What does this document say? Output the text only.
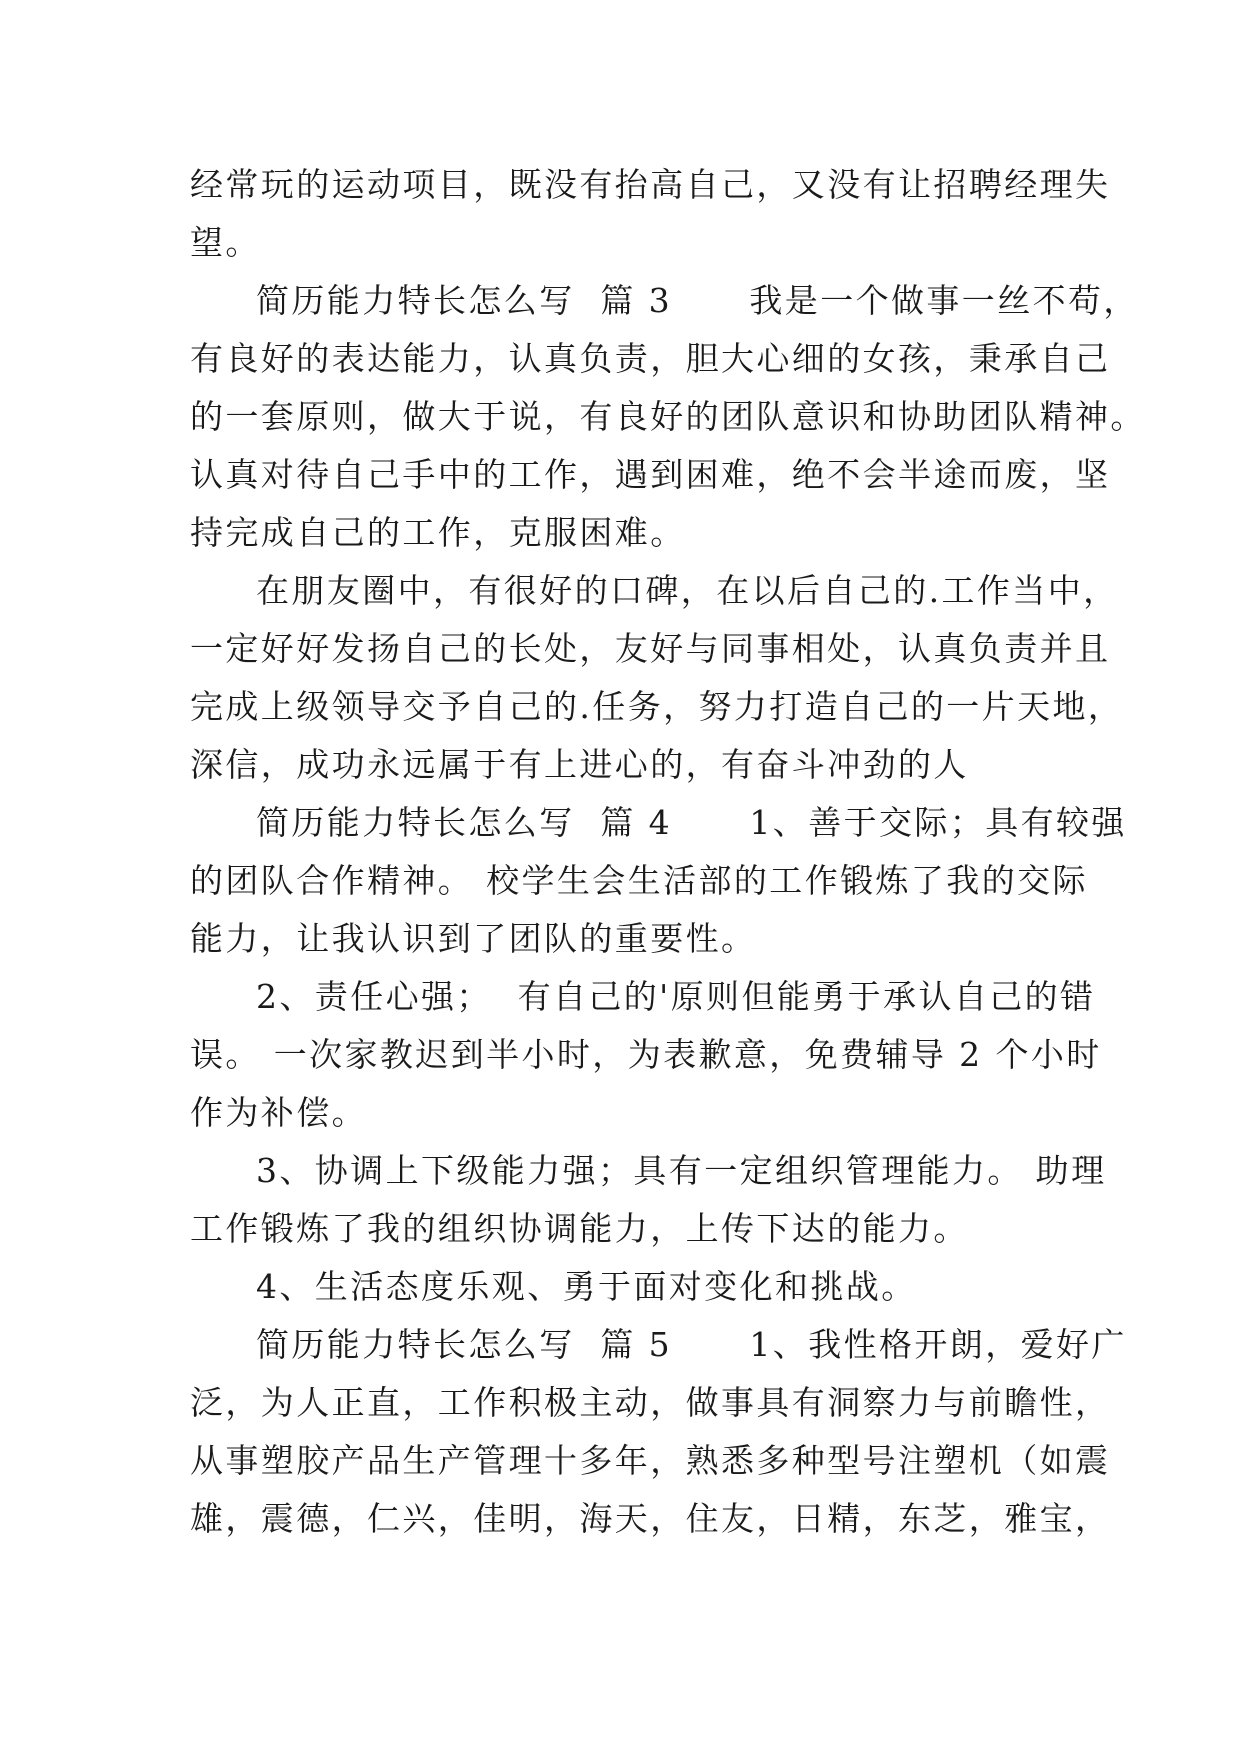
经常玩的运动项目，既没有抬高自己，又没有让招聘经理失
望。
简历能力特长怎么写  篇 3      我是一个做事一丝不苟，
有良好的表达能力，认真负责，胆大心细的女孩，秉承自己
的一套原则，做大于说，有良好的团队意识和协助团队精神。
认真对待自己手中的工作，遇到困难，绝不会半途而废，坚
持完成自己的工作，克服困难。
在朋友圈中，有很好的口碑，在以后自己的.工作当中，
一定好好发扬自己的长处，友好与同事相处，认真负责并且
完成上级领导交予自己的.任务，努力打造自己的一片天地，
深信，成功永远属于有上进心的，有奋斗冲劲的人
简历能力特长怎么写  篇 4      1、善于交际；具有较强
的团队合作精神。 校学生会生活部的工作锻炼了我的交际
能力，让我认识到了团队的重要性。
2、责任心强；  有自己的'原则但能勇于承认自己的错
误。 一次家教迟到半小时，为表歉意，免费辅导 2 个小时
作为补偿。
3、协调上下级能力强；具有一定组织管理能力。 助理
工作锻炼了我的组织协调能力，上传下达的能力。
4、生活态度乐观、勇于面对变化和挑战。
简历能力特长怎么写  篇 5      1、我性格开朗，爱好广
泛，为人正直，工作积极主动，做事具有洞察力与前瞻性，
从事塑胶产品生产管理十多年，熟悉多种型号注塑机（如震
雄，震德，仁兴，佳明，海天，住友，日精，东芝，雅宝，
